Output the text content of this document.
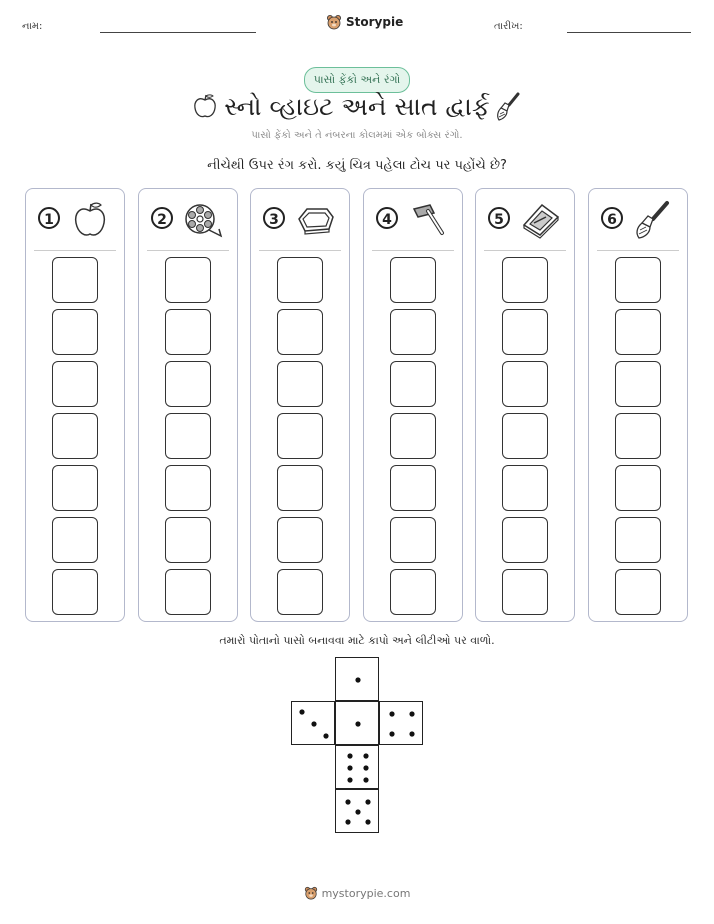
નામ:	Storypie	તારીખ:
પાસો ફેંકો અને રંગો
સ્નો વ્હાઇટ અને સાત દ્વાર્ફ
પાસો ફેંકો અને તે નંબરના કોલમમાં એક બોક્સ રંગો.
નીચેથી ઉપર રંગ કરો. કયું ચિત્ર પહેલા ટોચ પર પહોંચે છે?
1	2	3	4	5	6
તમારો પોતાનો પાસો બનાવવા માટે કાપો અને લીટીઓ પર વાળો.
mystorypie.com
